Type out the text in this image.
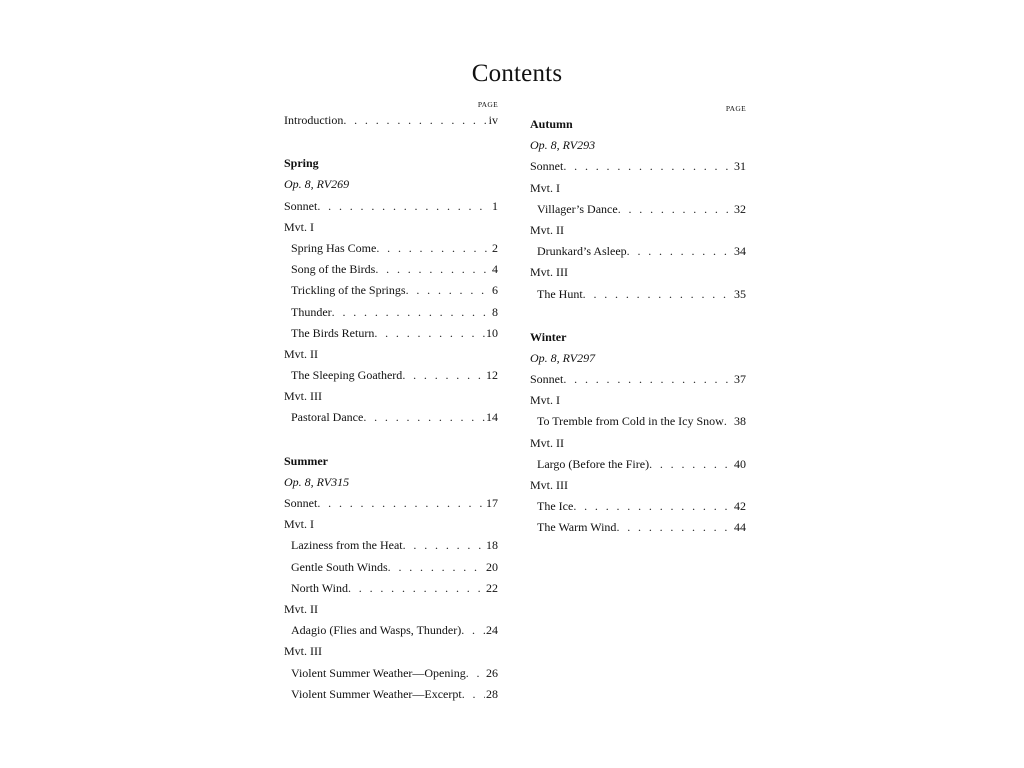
Contents
PAGE
Introduction . . .	iv
Spring
Op. 8, RV269
Sonnet . . .	1
Mvt. I
Spring Has Come . . .	2
Song of the Birds . . .	4
Trickling of the Springs . . .	6
Thunder . . .	8
The Birds Return . . .	10
Mvt. II
The Sleeping Goatherd . . .	12
Mvt. III
Pastoral Dance . . .	14
Summer
Op. 8, RV315
Sonnet . . .	17
Mvt. I
Laziness from the Heat . . .	18
Gentle South Winds . . .	20
North Wind . . .	22
Mvt. II
Adagio (Flies and Wasps, Thunder) . . . 24
Mvt. III
Violent Summer Weather—Opening . . . 26
Violent Summer Weather—Excerpt . . . 28
PAGE
Autumn
Op. 8, RV293
Sonnet . . .	31
Mvt. I
Villager’s Dance . . .	32
Mvt. II
Drunkard’s Asleep . . .	34
Mvt. III
The Hunt . . .	35
Winter
Op. 8, RV297
Sonnet . . .	37
Mvt. I
To Tremble from Cold in the Icy Snow . . . 38
Mvt. II
Largo (Before the Fire) . . .	40
Mvt. III
The Ice . . .	42
The Warm Wind . . .	44
